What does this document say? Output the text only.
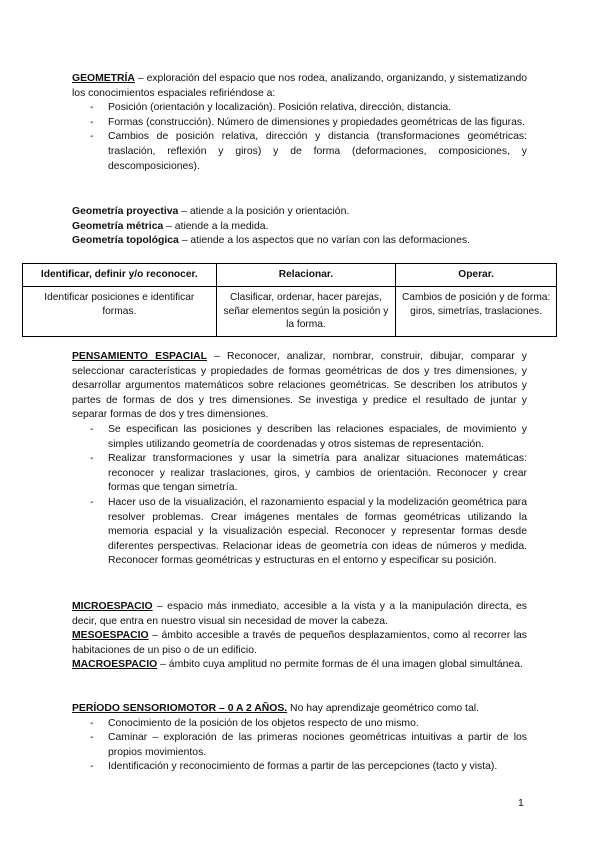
GEOMETRÍA – exploración del espacio que nos rodea, analizando, organizando, y sistematizando los conocimientos espaciales refiriéndose a:

- Posición (orientación y localización). Posición relativa, dirección, distancia.
- Formas (construcción). Número de dimensiones y propiedades geométricas de las figuras.
- Cambios de posición relativa, dirección y distancia (transformaciones geométricas: traslación, reflexión y giros) y de forma (deformaciones, composiciones, y descomposiciones).

Geometría proyectiva – atiende a la posición y orientación.

Geometría métrica – atiende a la medida.

Geometría topológica – atiende a los aspectos que no varían con las deformaciones.

Identificar, definir y/o reconocer.	Relacionar.	Operar.
Identificar posiciones e identificar formas.	Clasificar, ordenar, hacer parejas, señar elementos según la posición y la forma.	Cambios de posición y de forma: giros, simetrías, traslaciones.

PENSAMIENTO ESPACIAL – Reconocer, analizar, nombrar, construir, dibujar, comparar y seleccionar características y propiedades de formas geométricas de dos y tres dimensiones, y desarrollar argumentos matemáticos sobre relaciones geométricas. Se describen los atributos y partes de formas de dos y tres dimensiones. Se investiga y predice el resultado de juntar y separar formas de dos y tres dimensiones.

- Se especifican las posiciones y describen las relaciones espaciales, de movimiento y simples utilizando geometría de coordenadas y otros sistemas de representación.
- Realizar transformaciones y usar la simetría para analizar situaciones matemáticas: reconocer y realizar traslaciones, giros, y cambios de orientación. Reconocer y crear formas que tengan simetría.
- Hacer uso de la visualización, el razonamiento espacial y la modelización geométrica para resolver problemas. Crear imágenes mentales de formas geométricas utilizando la memoria espacial y la visualización especial. Reconocer y representar formas desde diferentes perspectivas. Relacionar ideas de geometría con ideas de números y medida. Reconocer formas geométricas y estructuras en el entorno y especificar su posición.

MICROESPACIO – espacio más inmediato, accesible a la vista y a la manipulación directa, es decir, que entra en nuestro visual sin necesidad de mover la cabeza.

MESOESPACIO – ámbito accesible a través de pequeños desplazamientos, como al recorrer las habitaciones de un piso o de un edificio.

MACROESPACIO – ámbito cuya amplitud no permite formas de él una imagen global simultánea.

PERÍODO SENSORIOMOTOR – 0 A 2 AÑOS. No hay aprendizaje geométrico como tal.

- Conocimiento de la posición de los objetos respecto de uno mismo.
- Caminar – exploración de las primeras nociones geométricas intuitivas a partir de los propios movimientos.
- Identificación y reconocimiento de formas a partir de las percepciones (tacto y vista).
1
